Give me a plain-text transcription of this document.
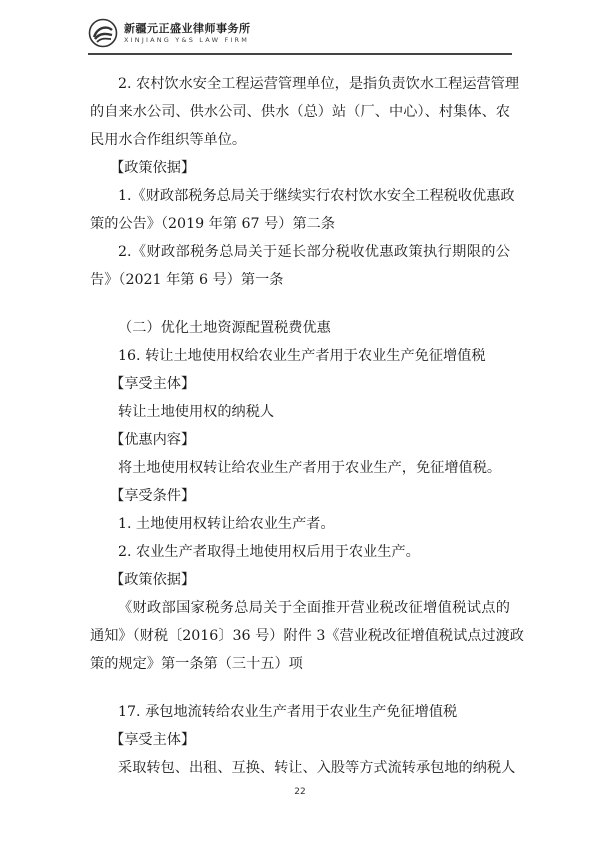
新疆元正盛业律师事务所
XINJIANG Y&S LAW FIRM
2. 农村饮水安全工程运营管理单位，是指负责饮水工程运营管理
的自来水公司、供水公司、供水（总）站（厂、中心）、村集体、农
民用水合作组织等单位。
【政策依据】
1.《财政部税务总局关于继续实行农村饮水安全工程税收优惠政
策的公告》（2019 年第 67 号）第二条
2.《财政部税务总局关于延长部分税收优惠政策执行期限的公
告》（2021 年第 6 号）第一条
（二）优化土地资源配置税费优惠
16. 转让土地使用权给农业生产者用于农业生产免征增值税
【享受主体】
转让土地使用权的纳税人
【优惠内容】
将土地使用权转让给农业生产者用于农业生产，免征增值税。
【享受条件】
1. 土地使用权转让给农业生产者。
2. 农业生产者取得土地使用权后用于农业生产。
【政策依据】
《财政部国家税务总局关于全面推开营业税改征增值税试点的
通知》（财税〔2016〕36 号）附件 3《营业税改征增值税试点过渡政
策的规定》第一条第（三十五）项
17. 承包地流转给农业生产者用于农业生产免征增值税
【享受主体】
采取转包、出租、互换、转让、入股等方式流转承包地的纳税人
22
